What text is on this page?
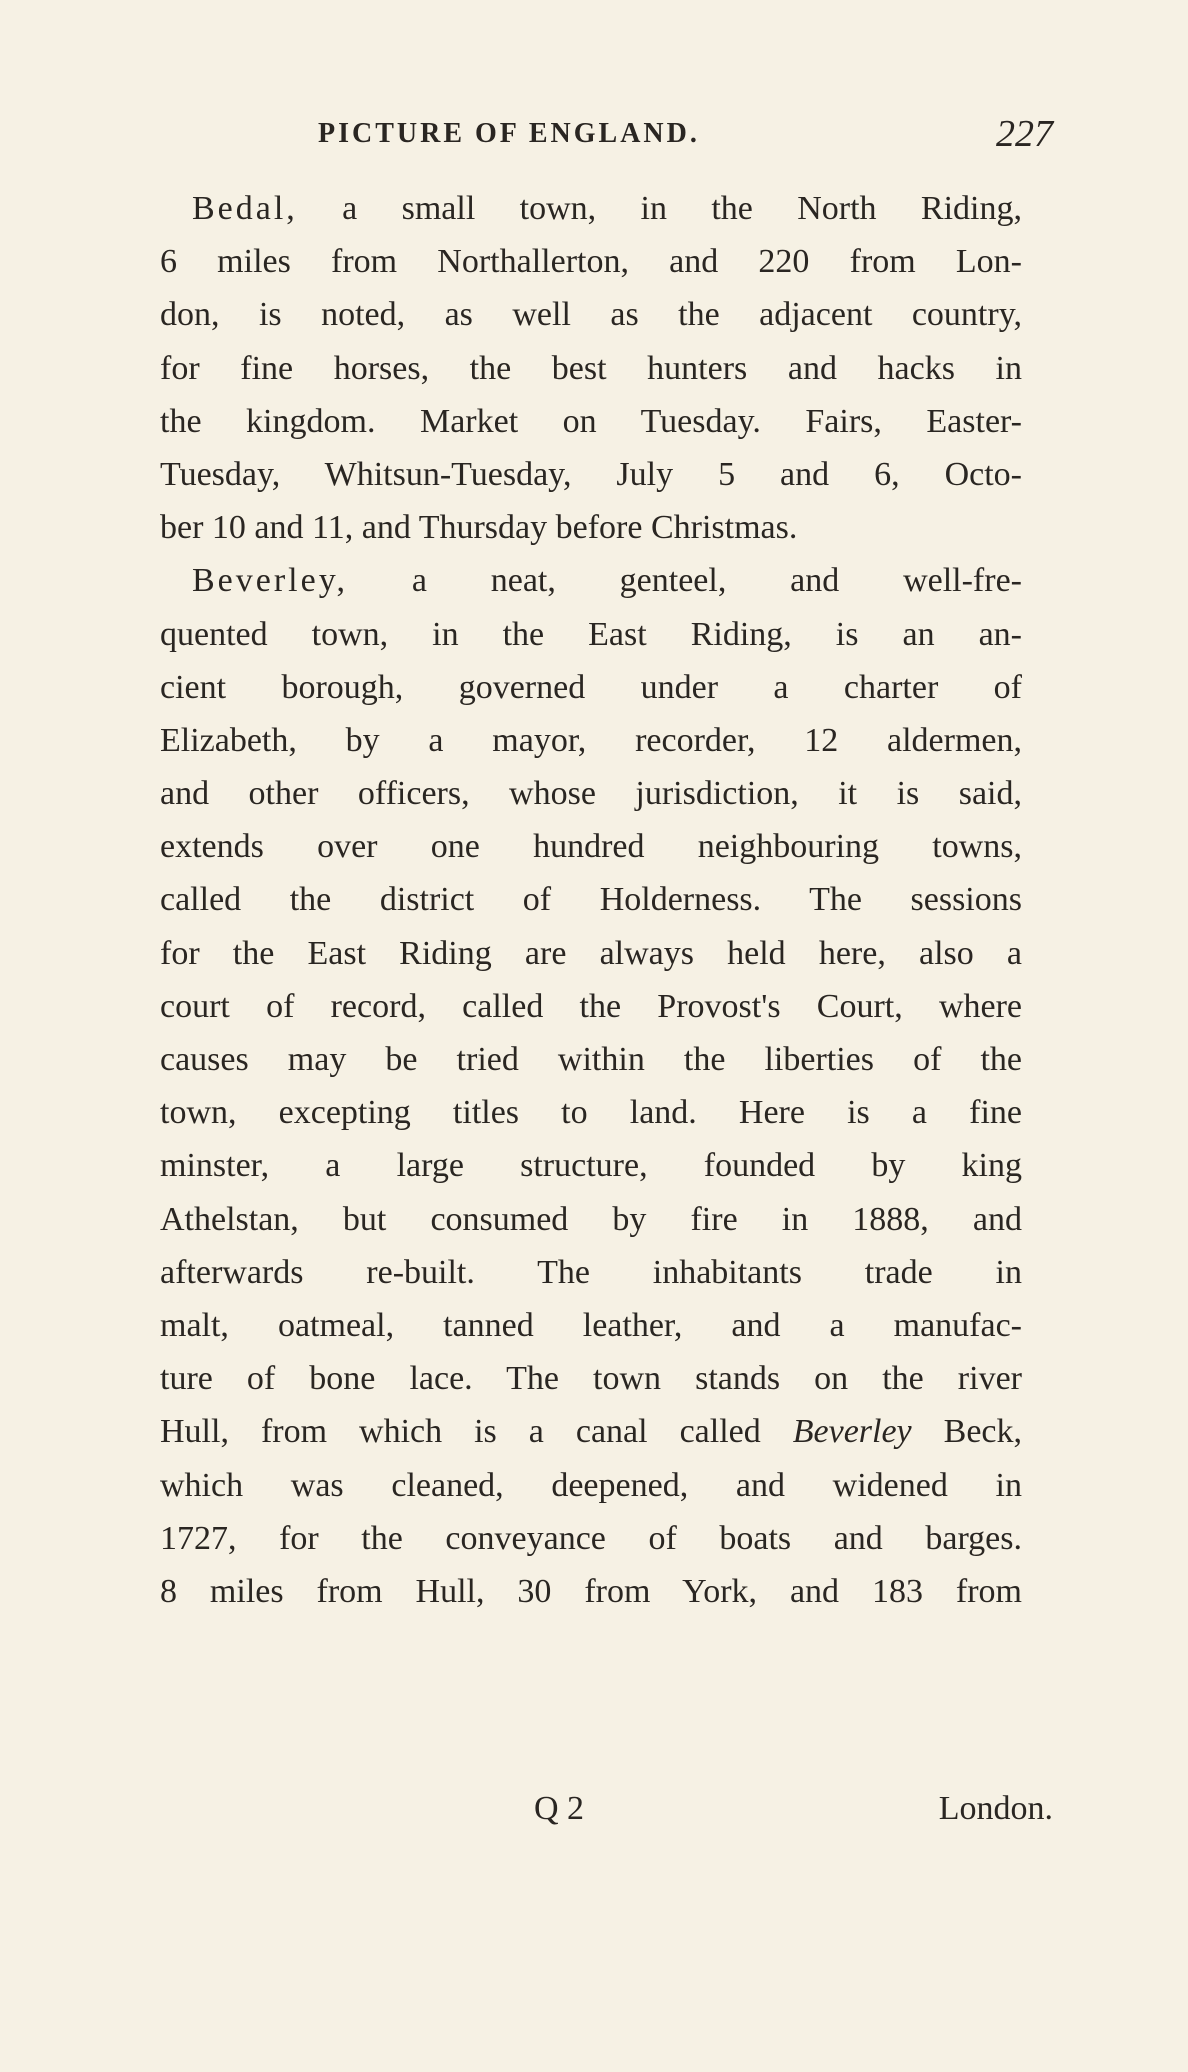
PICTURE OF ENGLAND.	227
Bedal, a small town, in the North Riding,
6 miles from Northallerton, and 220 from Lon-
don, is noted, as well as the adjacent country,
for fine horses, the best hunters and hacks in
the kingdom. Market on Tuesday. Fairs, Easter-
Tuesday, Whitsun-Tuesday, July 5 and 6, Octo-
ber 10 and 11, and Thursday before Christmas.
Beverley, a neat, genteel, and well-fre-
quented town, in the East Riding, is an an-
cient borough, governed under a charter of
Elizabeth, by a mayor, recorder, 12 aldermen,
and other officers, whose jurisdiction, it is said,
extends over one hundred neighbouring towns,
called the district of Holderness. The sessions
for the East Riding are always held here, also a
court of record, called the Provost's Court, where
causes may be tried within the liberties of the
town, excepting titles to land. Here is a fine
minster, a large structure, founded by king
Athelstan, but consumed by fire in 1888, and
afterwards re-built. The inhabitants trade in
malt, oatmeal, tanned leather, and a manufac-
ture of bone lace. The town stands on the river
Hull, from which is a canal called Beverley Beck,
which was cleaned, deepened, and widened in
1727, for the conveyance of boats and barges.
8 miles from Hull, 30 from York, and 183 from
Q 2	London.
